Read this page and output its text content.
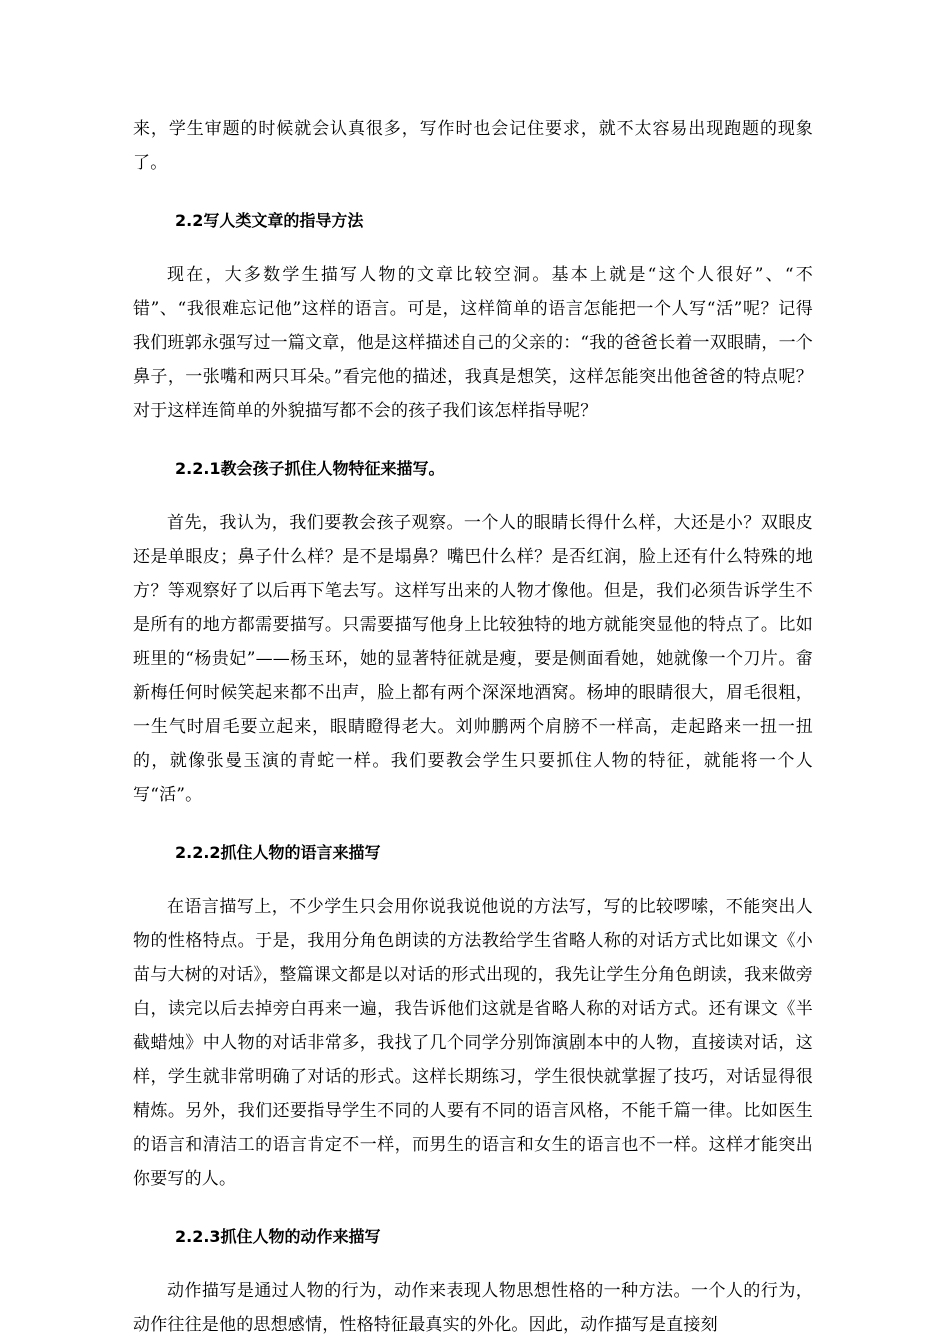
来，学生审题的时候就会认真很多，写作时也会记住要求，就不太容易出现跑题的现象了。

2.2写人类文章的指导方法

现在，大多数学生描写人物的文章比较空洞。基本上就是“这个人很好”、“不错”、“我很难忘记他”这样的语言。可是，这样简单的语言怎能把一个人写“活”呢？记得我们班郭永强写过一篇文章，他是这样描述自己的父亲的：“我的爸爸长着一双眼睛，一个鼻子，一张嘴和两只耳朵。”看完他的描述，我真是想笑，这样怎能突出他爸爸的特点呢？对于这样连简单的外貌描写都不会的孩子我们该怎样指导呢？

2.2.1教会孩子抓住人物特征来描写。

首先，我认为，我们要教会孩子观察。一个人的眼睛长得什么样，大还是小？双眼皮还是单眼皮；鼻子什么样？是不是塌鼻？嘴巴什么样？是否红润，脸上还有什么特殊的地方？等观察好了以后再下笔去写。这样写出来的人物才像他。但是，我们必须告诉学生不是所有的地方都需要描写。只需要描写他身上比较独特的地方就能突显他的特点了。比如班里的“杨贵妃”——杨玉环，她的显著特征就是瘦，要是侧面看她，她就像一个刀片。畲新梅任何时候笑起来都不出声，脸上都有两个深深地酒窝。杨坤的眼睛很大，眉毛很粗，一生气时眉毛要立起来，眼睛瞪得老大。刘帅鹏两个肩膀不一样高，走起路来一扭一扭的，就像张曼玉演的青蛇一样。我们要教会学生只要抓住人物的特征，就能将一个人写“活”。

2.2.2抓住人物的语言来描写

在语言描写上，不少学生只会用你说我说他说的方法写，写的比较啰嗦，不能突出人物的性格特点。于是，我用分角色朗读的方法教给学生省略人称的对话方式比如课文《小苗与大树的对话》，整篇课文都是以对话的形式出现的，我先让学生分角色朗读，我来做旁白，读完以后去掉旁白再来一遍，我告诉他们这就是省略人称的对话方式。还有课文《半截蜡烛》中人物的对话非常多，我找了几个同学分别饰演剧本中的人物，直接读对话，这样，学生就非常明确了对话的形式。这样长期练习，学生很快就掌握了技巧，对话显得很精炼。另外，我们还要指导学生不同的人要有不同的语言风格，不能千篇一律。比如医生的语言和清洁工的语言肯定不一样，而男生的语言和女生的语言也不一样。这样才能突出你要写的人。

2.2.3抓住人物的动作来描写

动作描写是通过人物的行为，动作来表现人物思想性格的一种方法。一个人的行为，动作往往是他的思想感情，性格特征最真实的外化。因此，动作描写是直接刻
